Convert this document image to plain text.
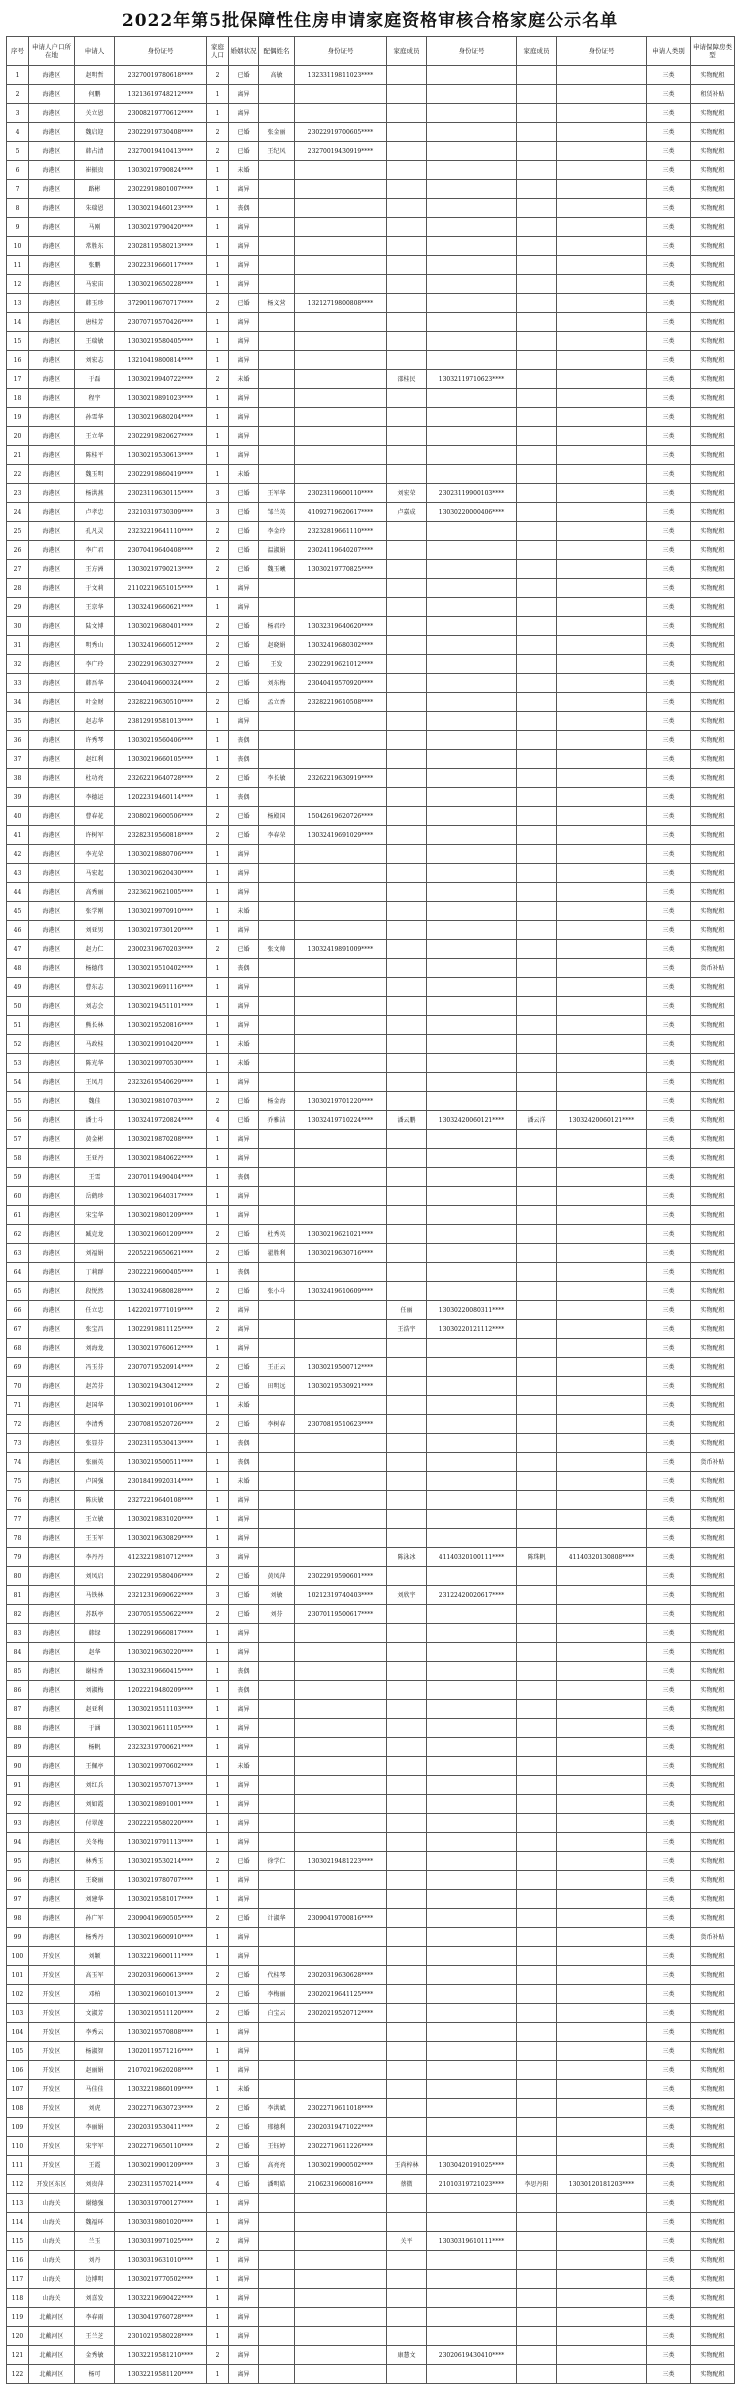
2022年第5批保障性住房申请家庭资格审核合格家庭公示名单
序号	申请人户口所在地	申请人	身份证号	家庭人口	婚姻状况	配偶姓名	身份证号	家庭成员	身份证号	家庭成员	身份证号	申请人类别	申请保障房类型
1	海港区	赵明哲	23270019780618****	2	已婚	高敏	13233119811023****					三类	实物配租
2	海港区	何鹏	13213619748212****	1	离异							三类	租赁补贴
3	海港区	关立恩	23008219770612****	1	离异							三类	实物配租
4	海港区	魏启迎	23022919730408****	2	已婚	张金丽	23022919700605****					三类	实物配租
5	海港区	韩占清	23270019410413****	2	已婚	王纪风	23270019430919****					三类	实物配租
6	海港区	崔振贵	13030219790824****	1	未婚							三类	实物配租
7	海港区	路彬	23022919801007****	1	离异							三类	实物配租
8	海港区	朱瑞恩	13030219460123****	1	丧偶							三类	实物配租
9	海港区	马刚	13030219790420****	1	离异							三类	实物配租
10	海港区	常胜东	23028119580213****	1	离异							三类	实物配租
11	海港区	张鹏	23022319660117****	1	离异							三类	实物配租
12	海港区	马宏宙	13030219650228****	1	离异							三类	实物配租
13	海港区	韩玉珍	37290119670717****	2	已婚	杨义营	13212719800808****					三类	实物配租
14	海港区	唐桂芳	23070719570426****	1	离异							三类	实物配租
15	海港区	王瑞敏	13030219580405****	1	离异							三类	实物配租
16	海港区	刘宏志	13210419800814****	1	离异							三类	实物配租
17	海港区	于磊	13030219940722****	2	未婚			邵桂民	13032119710623****			三类	实物配租
18	海港区	程宇	13030219891023****	1	离异							三类	实物配租
19	海港区	孙雪华	13030219680204****	1	离异							三类	实物配租
20	海港区	王立华	23022919820627****	1	离异							三类	实物配租
21	海港区	陈桂平	13030219530613****	1	离异							三类	实物配租
22	海港区	魏玉明	23022919860419****	1	未婚							三类	实物配租
23	海港区	杨洪燕	23023119630115****	3	已婚	王军华	23023119600110****	刘宏荣	23023119900103****			三类	实物配租
24	海港区	卢孝忠	23210319730309****	3	已婚	邹兰英	41092719620617****	卢嘉成	13030220000406****			三类	实物配租
25	海港区	孔凡灵	23232219641110****	2	已婚	李金玲	23232819661110****					三类	实物配租
26	海港区	李广君	23070419640408****	2	已婚	温淑娟	23024119640207****					三类	实物配租
27	海港区	王方洲	13030219790213****	2	已婚	魏玉曦	13030219770825****					三类	实物配租
28	海港区	于文莉	21102219651015****	1	离异							三类	实物配租
29	海港区	王京华	13032419660621****	1	离异							三类	实物配租
30	海港区	陆文博	13030219680401****	2	已婚	杨君玲	13032319640620****					三类	实物配租
31	海港区	明秀山	13032419660512****	2	已婚	赵晓娟	13032419680302****					三类	实物配租
32	海港区	李广玲	23022919630327****	2	已婚	王发	23022919621012****					三类	实物配租
33	海港区	韩吾华	23040419600324****	2	已婚	刘东梅	23040419570920****					三类	实物配租
34	海港区	叶金财	23282219630510****	2	已婚	孟立香	23282219610508****					三类	实物配租
35	海港区	赵志华	23812919581013****	1	离异							三类	实物配租
36	海港区	许秀琴	13030219560406****	1	丧偶							三类	实物配租
37	海港区	赵红利	13030219660105****	1	丧偶							三类	实物配租
38	海港区	杜功亮	23262219640728****	2	已婚	李长敏	23262219630919****					三类	实物配租
39	海港区	李德运	12022319460114****	1	丧偶							三类	实物配租
40	海港区	曹春花	23080219600506****	2	已婚	杨殿国	15042619620726****					三类	实物配租
41	海港区	许树军	23282319560818****	2	已婚	李春荣	13032419691029****					三类	实物配租
42	海港区	李光荣	13030219880706****	1	离异							三类	实物配租
43	海港区	马宏起	13030219620430****	1	离异							三类	实物配租
44	海港区	高秀丽	23236219621005****	1	离异							三类	实物配租
45	海港区	张学刚	13030219970910****	1	未婚							三类	实物配租
46	海港区	刘亚男	13030219730120****	1	离异							三类	实物配租
47	海港区	赵力仁	23002319670203****	2	已婚	张文帅	13032419891009****					三类	实物配租
48	海港区	杨德伟	13030219510402****	1	丧偶							三类	货币补贴
49	海港区	曹东志	13030219691116****	1	离异							三类	实物配租
50	海港区	刘志会	13030219451101****	1	离异							三类	实物配租
51	海港区	熊长林	13030219520816****	1	离异							三类	实物配租
52	海港区	马政桂	13030219910420****	1	未婚							三类	实物配租
53	海港区	陈光华	13030219970530****	1	未婚							三类	实物配租
54	海港区	王凤月	23232619540629****	1	离异							三类	实物配租
55	海港区	魏佳	13030219810703****	2	已婚	杨金海	13030219701220****					三类	实物配租
56	海港区	潘士斗	13032419720824****	4	已婚	乔雅洁	13032419710224****	潘云鹏	13032420060121****	潘云洋	13032420060121****	三类	实物配租
57	海港区	黄金彬	13030219870208****	1	离异							三类	实物配租
58	海港区	王亚丹	13030219840622****	1	离异							三类	实物配租
59	海港区	王雪	23070119490404****	1	丧偶							三类	实物配租
60	海港区	岳鹤珍	13030219640317****	1	离异							三类	实物配租
61	海港区	宋宝华	13030219801209****	1	离异							三类	实物配租
62	海港区	臧克龙	13030219601209****	2	已婚	杜秀英	13030219621021****					三类	实物配租
63	海港区	刘福娟	22052219650621****	2	已婚	翟胜利	13030219630716****					三类	实物配租
64	海港区	丁莉群	23022219600405****	1	丧偶							三类	实物配租
65	海港区	段悦然	13032419680828****	2	已婚	张小斗	13032419610609****					三类	实物配租
66	海港区	任立忠	14220219771019****	2	离异			任丽	13030220080311****			三类	实物配租
67	海港区	张宝昌	13022919811125****	2	离异			王浩宇	13030220121112****			三类	实物配租
68	海港区	刘海龙	13030219760612****	1	离异							三类	实物配租
69	海港区	冯玉芬	23070719520914****	2	已婚	王正云	13030219500712****					三类	实物配租
70	海港区	赵苦芬	13030219430412****	2	已婚	田明远	13030219530921****					三类	实物配租
71	海港区	赵国华	13030219910106****	1	未婚							三类	实物配租
72	海港区	李清秀	23070819520726****	2	已婚	李树春	23070819510623****					三类	实物配租
73	海港区	张显芬	23023119530413****	1	丧偶							三类	实物配租
74	海港区	张丽英	13030219500511****	1	丧偶							三类	货币补贴
75	海港区	卢国强	23018419920314****	1	未婚							三类	实物配租
76	海港区	陈庆敏	23272219640108****	1	离异							三类	实物配租
77	海港区	王立敏	13030219831020****	1	离异							三类	实物配租
78	海港区	王玉军	13030219630829****	1	离异							三类	实物配租
79	海港区	李丹丹	41232219810712****	3	离异			陈泳冰	41140320100111****	陈珠帆	41140320130808****	三类	实物配租
80	海港区	刘凤启	23022919580406****	2	已婚	黄凤萍	23022919590601****					三类	实物配租
81	海港区	马铁林	23212319690622****	3	已婚	刘敏	10212319740403****	刘欣宇	23122420020617****			三类	实物配租
82	海港区	苏跃亭	23070519550622****	2	已婚	刘芬	23070119500617****					三类	实物配租
83	海港区	韩绿	13022919660817****	1	离异							三类	实物配租
84	海港区	赵华	13030219630220****	1	离异							三类	实物配租
85	海港区	谢桂香	13032319660415****	1	丧偶							三类	实物配租
86	海港区	刘淑梅	12022219480209****	1	丧偶							三类	实物配租
87	海港区	赵亚利	13030219511103****	1	离异							三类	实物配租
88	海港区	于涵	13030219611105****	1	离异							三类	实物配租
89	海港区	杨帆	23232319700621****	1	离异							三类	实物配租
90	海港区	王佩亭	13030219970602****	1	未婚							三类	实物配租
91	海港区	刘红兵	13030219570713****	1	离异							三类	实物配租
92	海港区	刘如霞	13030219891001****	1	离异							三类	实物配租
93	海港区	付翠莲	23022219580220****	1	离异							三类	实物配租
94	海港区	关冬梅	13030219791113****	1	离异							三类	实物配租
95	海港区	林秀玉	13030219530214****	2	已婚	徐学仁	13030219481223****					三类	实物配租
96	海港区	王晓丽	13030219780707****	1	离异							三类	实物配租
97	海港区	刘建华	13030219581017****	1	离异							三类	实物配租
98	海港区	孙广军	23090419690505****	2	已婚	计淑华	23090419700816****					三类	实物配租
99	海港区	杨秀丹	13030219600910****	1	离异							三类	货币补贴
100	开发区	刘颖	13032219600111****	1	离异							三类	实物配租
101	开发区	高玉军	23020319600613****	2	已婚	代桂琴	23020319630628****					三类	实物配租
102	开发区	邓柏	13030219601013****	2	已婚	李梅丽	23020219641125****					三类	实物配租
103	开发区	文淑芳	13030219511120****	2	已婚	白宝云	23020219520712****					三类	实物配租
104	开发区	李秀云	13030219570808****	1	离异							三类	实物配租
105	开发区	杨淑智	13020119571216****	1	离异							三类	实物配租
106	开发区	赵丽娟	21070219620208****	1	离异							三类	实物配租
107	开发区	马佳佳	13032219860109****	1	未婚							三类	实物配租
108	开发区	刘虎	23022719630723****	2	已婚	李洪斌	23022719611018****					三类	实物配租
109	开发区	李丽娟	23020319530411****	2	已婚	邢德利	23020319471022****					三类	实物配租
110	开发区	宋宇军	23022719650110****	2	已婚	王钰婷	23022719611226****					三类	实物配租
111	开发区	王霞	13030219901209****	3	已婚	高亮亮	13030219900502****	王尚梓林	13030420191025****			三类	实物配租
112	开发区东区	刘贵萍	23023119570214****	4	已婚	潘明皓	21062319600816****	蔡微	21010319721023****	李思丹阳	13030120181203****	三类	实物配租
113	山海关	谢德强	13030319700127****	1	离异							三类	实物配租
114	山海关	魏福环	13030319801020****	1	离异							三类	实物配租
115	山海关	兰玉	13030319971025****	2	离异			关平	13030319610111****			三类	实物配租
116	山海关	刘丹	13030319631010****	1	离异							三类	实物配租
117	山海关	边博明	13030219770502****	1	离异							三类	实物配租
118	山海关	刘喜发	13032219690422****	1	离异							三类	实物配租
119	北戴河区	李春雨	13030419760728****	1	离异							三类	实物配租
120	北戴河区	王兰芝	23010219580228****	1	离异							三类	实物配租
121	北戴河区	金秀敏	13032219581210****	2	离异			康慧文	23020619430410****			三类	实物配租
122	北戴河区	杨可	13032219581120****	1	离异							三类	实物配租
